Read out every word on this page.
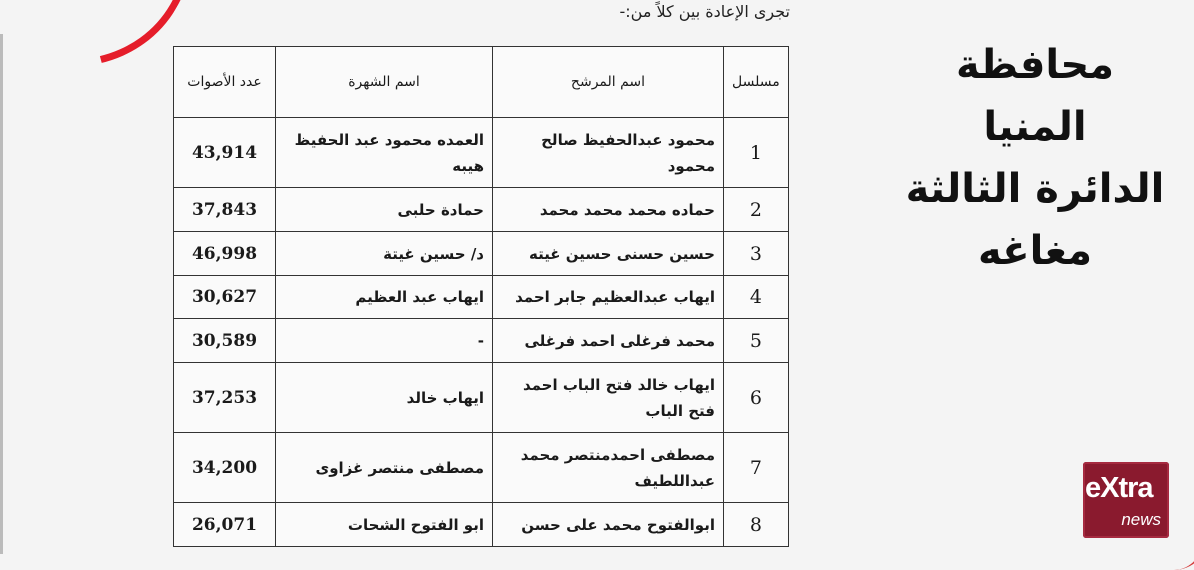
تجرى الإعادة بين كلاً من:-
مسلسل	اسم المرشح	اسم الشهرة	عدد الأصوات
1	محمود عبدالحفيظ صالح محمود	العمده محمود عبد الحفيظ هيبه	43,914
2	حماده محمد محمد محمد	حمادة حلبى	37,843
3	حسين حسنى حسين غيته	د/ حسين غيتة	46,998
4	ايهاب عبدالعظيم جابر احمد	ايهاب عبد العظيم	30,627
5	محمد فرغلى احمد فرغلى	-	30,589
6	ايهاب خالد فتح الباب احمد فتح الباب	ايهاب خالد	37,253
7	مصطفى احمدمنتصر محمد عبداللطيف	مصطفى منتصر غزاوى	34,200
8	ابوالفتوح محمد على حسن	ابو الفتوح الشحات	26,071
محافظة المنيا
الدائرة الثالثة
مغاغه
eXtra
news
